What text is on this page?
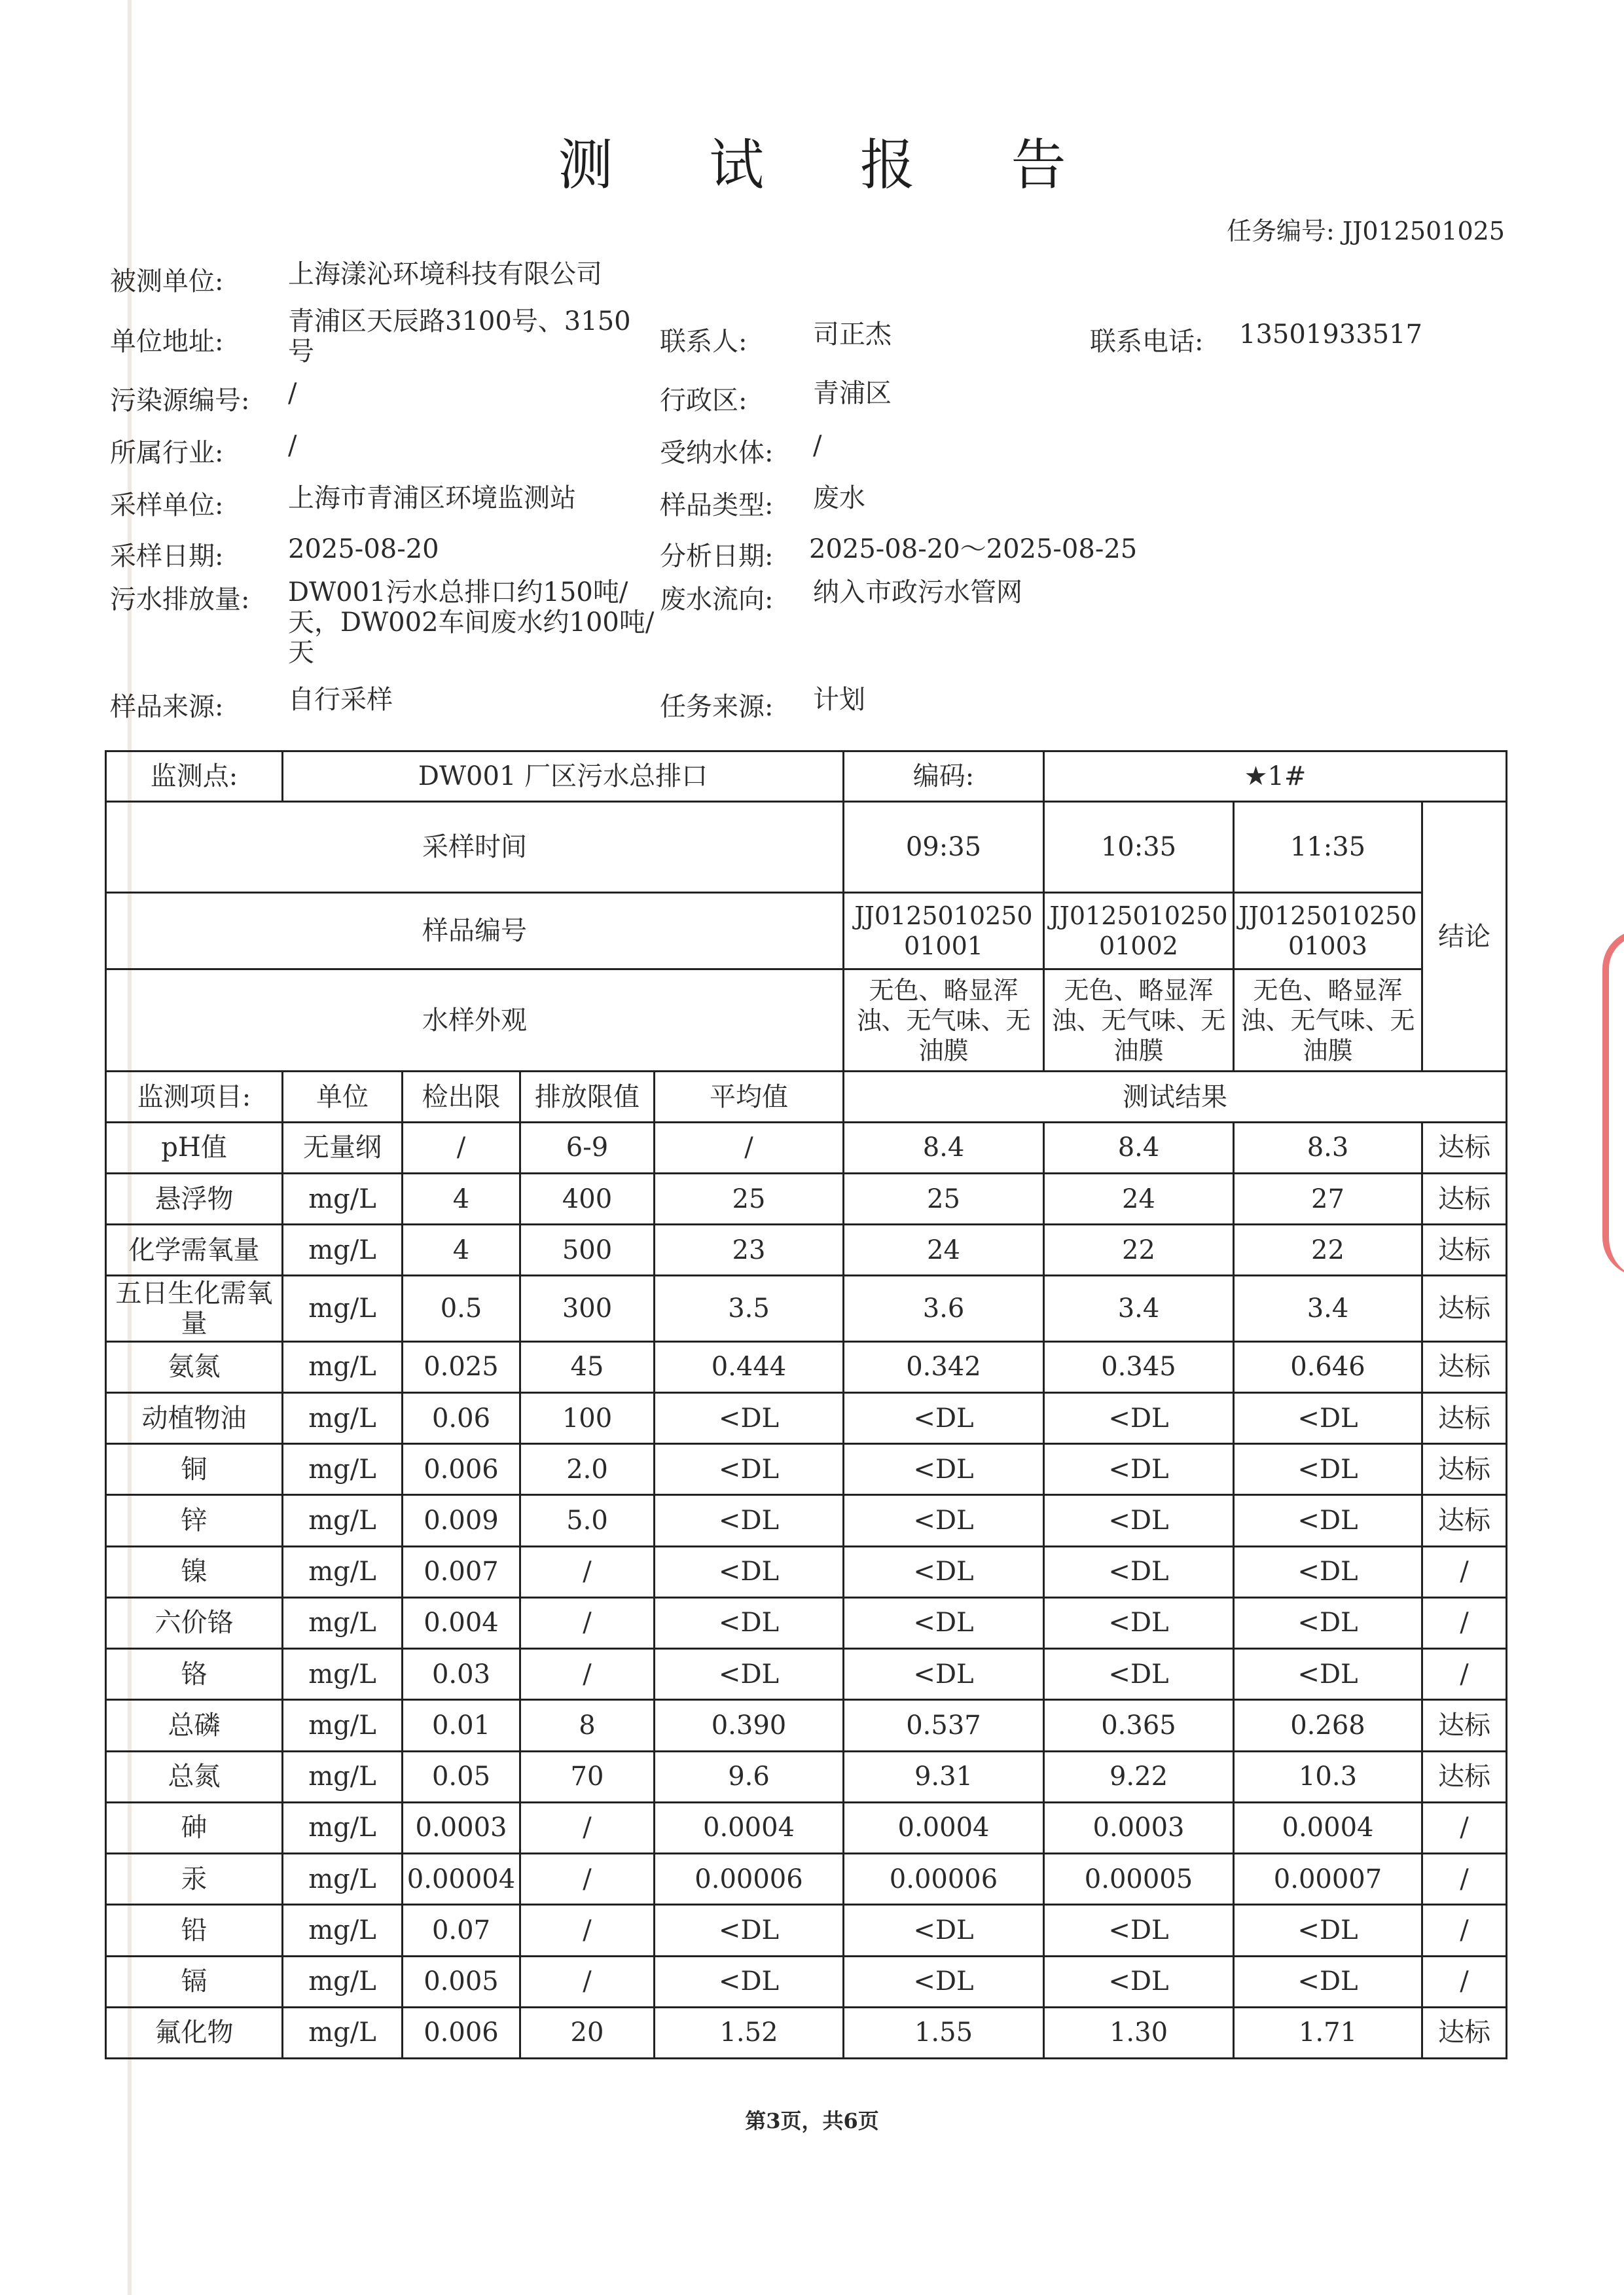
测 试 报 告
任务编号: JJ012501025
被测单位: 上海漾沁环境科技有限公司
单位地址:
青浦区天辰路3100号、3150号	联系人:	司正杰	联系电话: 13501933517
污染源编号: /	行政区:	青浦区
所属行业: /	受纳水体: /
采样单位: 上海市青浦区环境监测站	样品类型: 废水
采样日期: 2025-08-20	分析日期: 2025-08-20～2025-08-25
污水排放量: DW001污水总排口约150吨/天，DW002车间废水约100吨/天
废水流向: 纳入市政污水管网
样品来源: 自行采样	任务来源: 计划
监测点:	DW001 厂区污水总排口				编码:	★1#		
采样时间					09:35	10:35	11:35	结论
样品编号					JJ012501025001001	JJ012501025001002	JJ012501025001003	
水样外观					无色、略显浑浊、无气味、无油膜	无色、略显浑浊、无气味、无油膜	无色、略显浑浊、无气味、无油膜	
监测项目:	单位	检出限	排放限值	平均值	测试结果			
pH值	无量纲	/	6-9	/	8.4	8.4	8.3	达标
悬浮物	mg/L	4	400	25	25	24	27	达标
化学需氧量	mg/L	4	500	23	24	22	22	达标
五日生化需氧量	mg/L	0.5	300	3.5	3.6	3.4	3.4	达标
氨氮	mg/L	0.025	45	0.444	0.342	0.345	0.646	达标
动植物油	mg/L	0.06	100	<DL	<DL	<DL	<DL	达标
铜	mg/L	0.006	2.0	<DL	<DL	<DL	<DL	达标
锌	mg/L	0.009	5.0	<DL	<DL	<DL	<DL	达标
镍	mg/L	0.007	/	<DL	<DL	<DL	<DL	/
六价铬	mg/L	0.004	/	<DL	<DL	<DL	<DL	/
铬	mg/L	0.03	/	<DL	<DL	<DL	<DL	/
总磷	mg/L	0.01	8	0.390	0.537	0.365	0.268	达标
总氮	mg/L	0.05	70	9.6	9.31	9.22	10.3	达标
砷	mg/L	0.0003	/	0.0004	0.0004	0.0003	0.0004	/
汞	mg/L	0.00004	/	0.00006	0.00006	0.00005	0.00007	/
铅	mg/L	0.07	/	<DL	<DL	<DL	<DL	/
镉	mg/L	0.005	/	<DL	<DL	<DL	<DL	/
氟化物	mg/L	0.006	20	1.52	1.55	1.30	1.71	达标
第3页，共6页
